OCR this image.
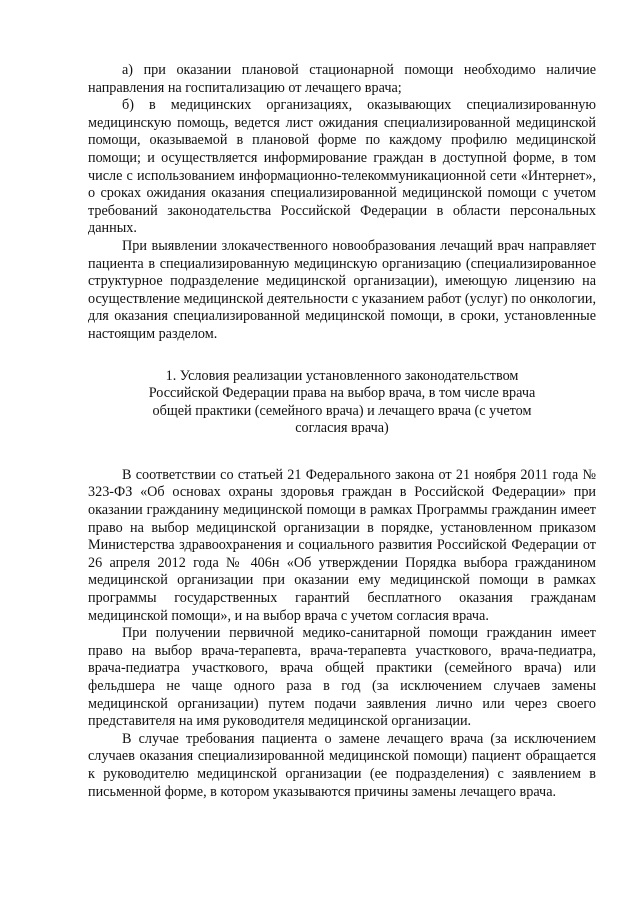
а) при оказании плановой стационарной помощи необходимо наличие направления на госпитализацию от лечащего врача;

б) в медицинских организациях, оказывающих специализированную медицинскую помощь, ведется лист ожидания специализированной медицинской помощи, оказываемой в плановой форме по каждому профилю медицинской помощи; и осуществляется информирование граждан в доступной форме, в том числе с использованием информационно-телекоммуникационной сети «Интернет», о сроках ожидания оказания специализированной медицинской помощи с учетом требований законодательства Российской Федерации в области персональных данных.

При выявлении злокачественного новообразования лечащий врач направляет пациента в специализированную медицинскую организацию (специализированное структурное подразделение медицинской организации), имеющую лицензию на осуществление медицинской деятельности с указанием работ (услуг) по онкологии, для оказания специализированной медицинской помощи, в сроки, установленные настоящим разделом.

1. Условия реализации установленного законодательством

Российской Федерации права на выбор врача, в том числе врача

общей практики (семейного врача) и лечащего врача (с учетом

согласия врача)

В соответствии со статьей 21 Федерального закона от 21 ноября 2011 года № 323-ФЗ «Об основах охраны здоровья граждан в Российской Федерации» при оказании гражданину медицинской помощи в рамках Программы гражданин имеет право на выбор медицинской организации в порядке, установленном приказом Министерства здравоохранения и социального развития Российской Федерации от 26 апреля 2012 года № 406н «Об утверждении Порядка выбора гражданином медицинской организации при оказании ему медицинской помощи в рамках программы государственных гарантий бесплатного оказания гражданам медицинской помощи», и на выбор врача с учетом согласия врача.

При получении первичной медико-санитарной помощи гражданин имеет право на выбор врача-терапевта, врача-терапевта участкового, врача-педиатра, врача-педиатра участкового, врача общей практики (семейного врача) или фельдшера не чаще одного раза в год (за исключением случаев замены медицинской организации) путем подачи заявления лично или через своего представителя на имя руководителя медицинской организации.

В случае требования пациента о замене лечащего врача (за исключением случаев оказания специализированной медицинской помощи) пациент обращается к руководителю медицинской организации (ее подразделения) с заявлением в письменной форме, в котором указываются причины замены лечащего врача.
